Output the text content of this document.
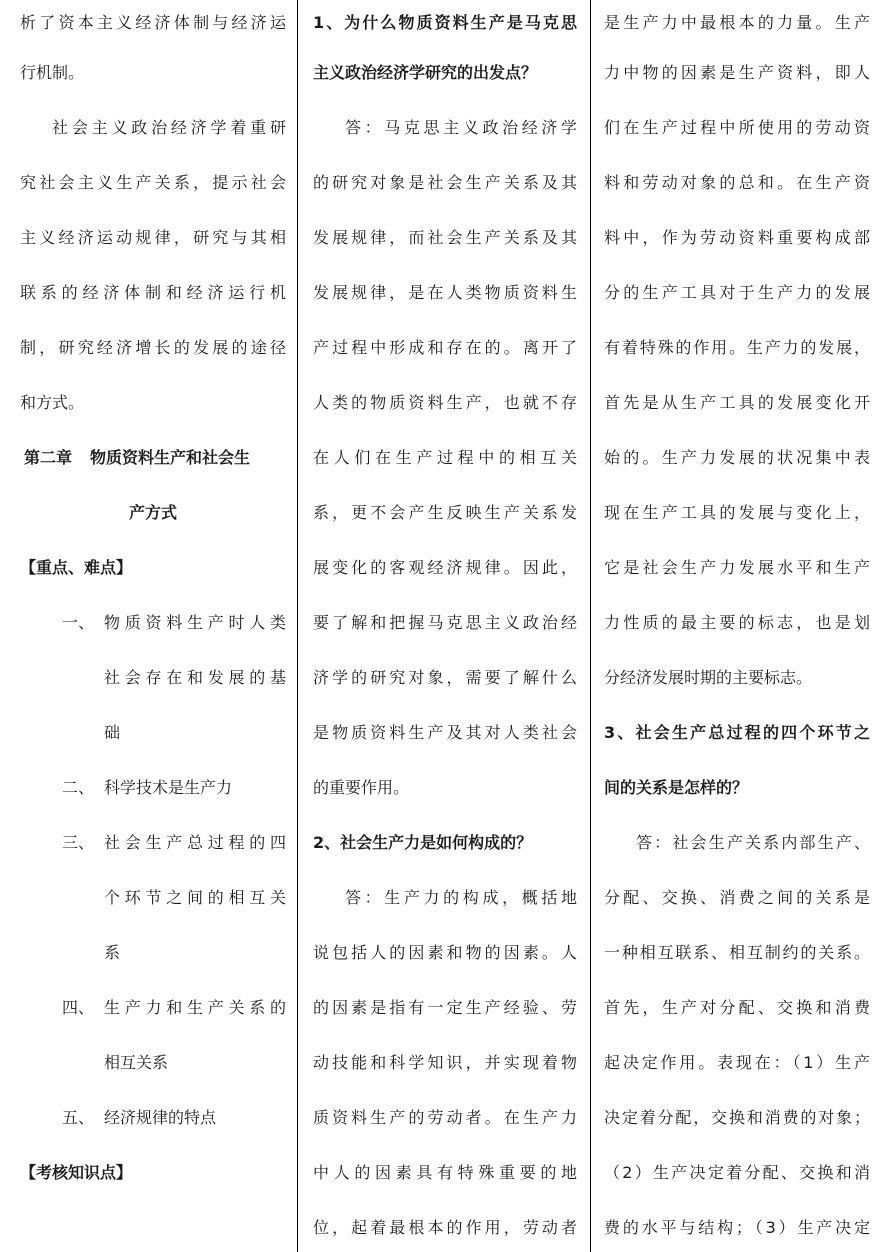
析了资本主义经济体制与经济运
行机制。
社会主义政治经济学着重研
究社会主义生产关系，提示社会
主义经济运动规律，研究与其相
联系的经济体制和经济运行机
制，研究经济增长的发展的途径
和方式。
第二章 物质资料生产和社会生
产方式
【重点、难点】
一、 物质资料生产时人类
社会存在和发展的基
础
二、 科学技术是生产力
三、 社会生产总过程的四
个环节之间的相互关
系
四、 生产力和生产关系的
相互关系
五、 经济规律的特点
【考核知识点】
1、为什么物质资料生产是马克思
主义政治经济学研究的出发点？
答：马克思主义政治经济学
的研究对象是社会生产关系及其
发展规律，而社会生产关系及其
发展规律，是在人类物质资料生
产过程中形成和存在的。离开了
人类的物质资料生产，也就不存
在人们在生产过程中的相互关
系，更不会产生反映生产关系发
展变化的客观经济规律。因此，
要了解和把握马克思主义政治经
济学的研究对象，需要了解什么
是物质资料生产及其对人类社会
的重要作用。
2、社会生产力是如何构成的？
答：生产力的构成，概括地
说包括人的因素和物的因素。人
的因素是指有一定生产经验、劳
动技能和科学知识，并实现着物
质资料生产的劳动者。在生产力
中人的因素具有特殊重要的地
位，起着最根本的作用，劳动者
是生产力中最根本的力量。生产
力中物的因素是生产资料，即人
们在生产过程中所使用的劳动资
料和劳动对象的总和。在生产资
料中，作为劳动资料重要构成部
分的生产工具对于生产力的发展
有着特殊的作用。生产力的发展，
首先是从生产工具的发展变化开
始的。生产力发展的状况集中表
现在生产工具的发展与变化上，
它是社会生产力发展水平和生产
力性质的最主要的标志，也是划
分经济发展时期的主要标志。
3、社会生产总过程的四个环节之
间的关系是怎样的？
答：社会生产关系内部生产、
分配、交换、消费之间的关系是
一种相互联系、相互制约的关系。
首先，生产对分配、交换和消费
起决定作用。表现在：（1）生产
决定着分配，交换和消费的对象；
（2）生产决定着分配、交换和消
费的水平与结构；（3）生产决定
